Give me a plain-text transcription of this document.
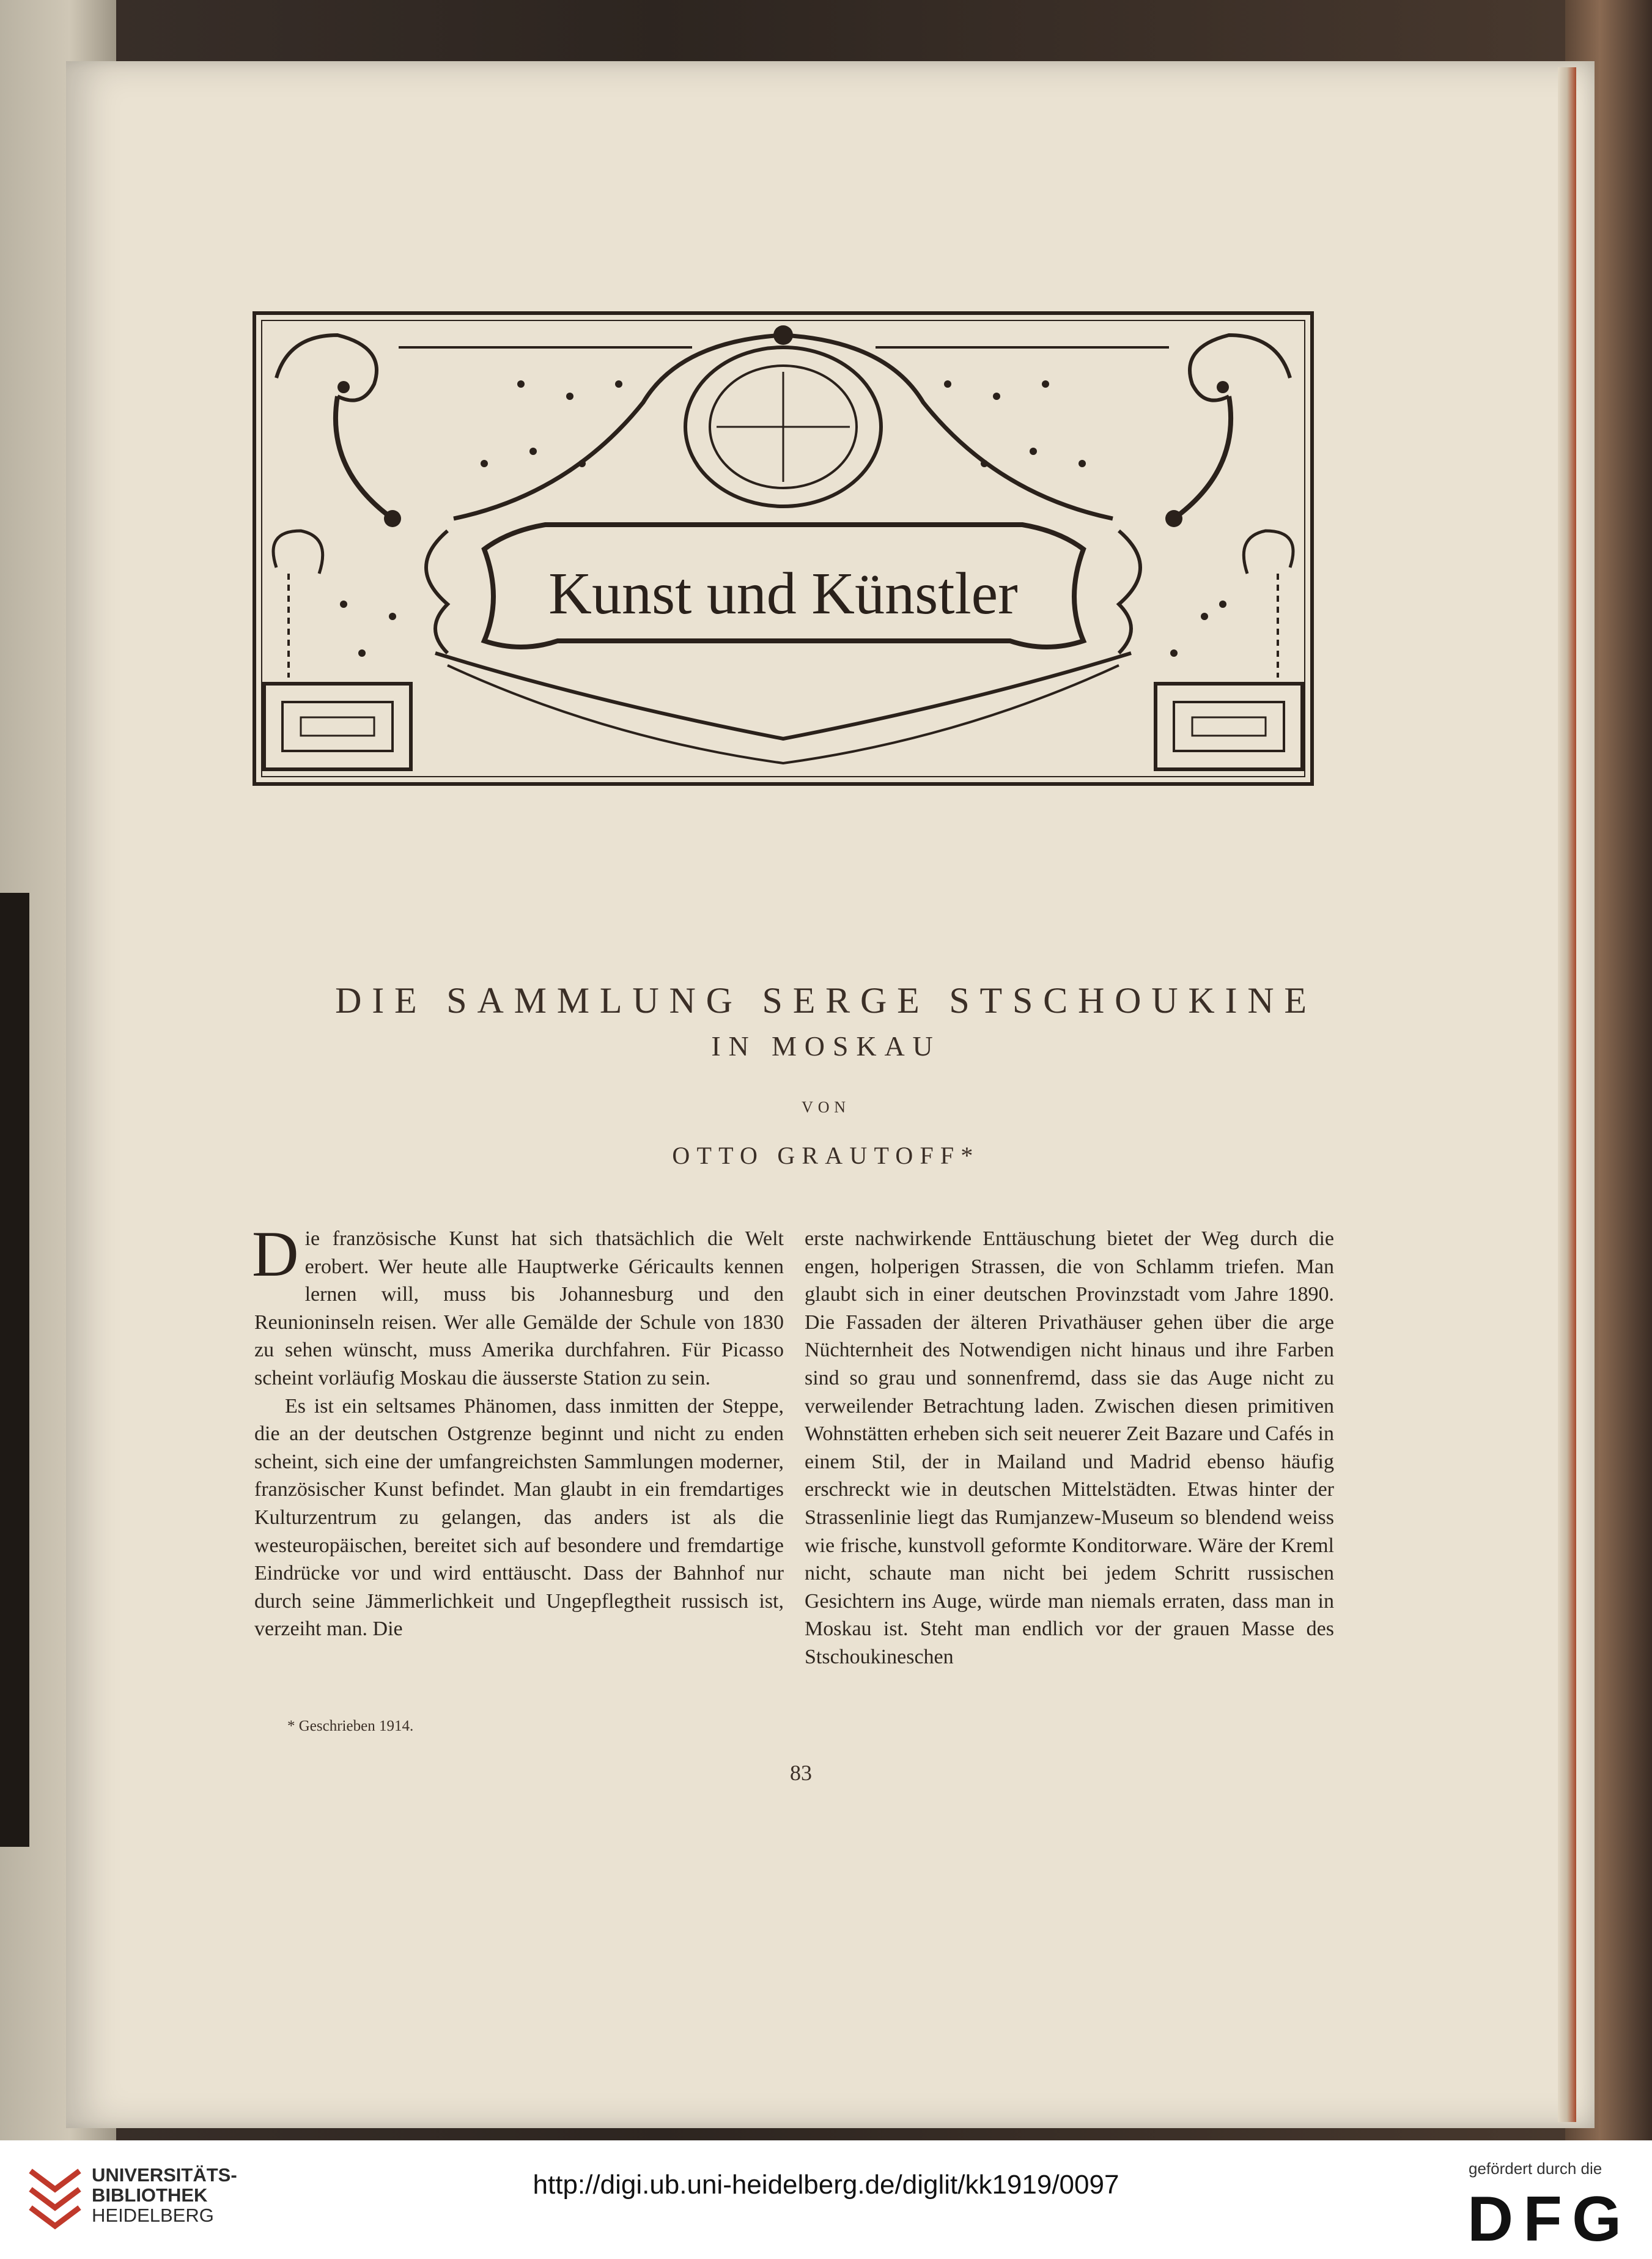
Kunst und Künstler
DIE SAMMLUNG SERGE STSCHOUKINE
IN MOSKAU
VON
OTTO GRAUTOFF*

Die französische Kunst hat sich thatsächlich die Welt erobert. Wer heute alle Hauptwerke Géricaults kennen lernen will, muss bis Johannesburg und den Reunioninseln reisen. Wer alle Gemälde der Schule von 1830 zu sehen wünscht, muss Amerika durchfahren. Für Picasso scheint vorläufig Moskau die äusserste Station zu sein.

Es ist ein seltsames Phänomen, dass inmitten der Steppe, die an der deutschen Ostgrenze beginnt und nicht zu enden scheint, sich eine der umfangreichsten Sammlungen moderner, französischer Kunst befindet. Man glaubt in ein fremdartiges Kulturzentrum zu gelangen, das anders ist als die westeuropäischen, bereitet sich auf besondere und fremdartige Eindrücke vor und wird enttäuscht. Dass der Bahnhof nur durch seine Jämmerlichkeit und Ungepflegtheit russisch ist, verzeiht man. Die

erste nachwirkende Enttäuschung bietet der Weg durch die engen, holperigen Strassen, die von Schlamm triefen. Man glaubt sich in einer deutschen Provinzstadt vom Jahre 1890. Die Fassaden der älteren Privathäuser gehen über die arge Nüchternheit des Notwendigen nicht hinaus und ihre Farben sind so grau und sonnenfremd, dass sie das Auge nicht zu verweilender Betrachtung laden. Zwischen diesen primitiven Wohnstätten erheben sich seit neuerer Zeit Bazare und Cafés in einem Stil, der in Mailand und Madrid ebenso häufig erschreckt wie in deutschen Mittelstädten. Etwas hinter der Strassenlinie liegt das Rumjanzew-Museum so blendend weiss wie frische, kunstvoll geformte Konditorware. Wäre der Kreml nicht, schaute man nicht bei jedem Schritt russischen Gesichtern ins Auge, würde man niemals erraten, dass man in Moskau ist. Steht man endlich vor der grauen Masse des Stschoukineschen

* Geschrieben 1914.
83
UNIVERSITÄTS-
BIBLIOTHEK
HEIDELBERG
http://digi.ub.uni-heidelberg.de/diglit/kk1919/0097
gefördert durch die
DFG
